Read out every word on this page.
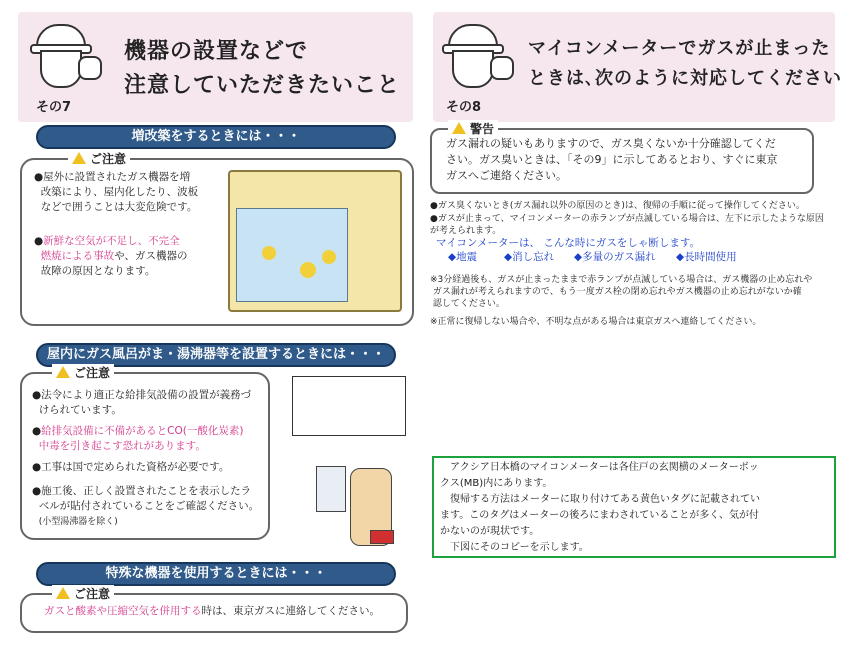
その7
機器の設置などで
注意していただきたいこと
その8
マイコンメーターでガスが止まった
ときは､次のように対応してください
増改築をするときには・・・
ご注意
●屋外に設置されたガス機器を増
改築により、屋内化したり、波板
などで囲うことは大変危険です。
●新鮮な空気が不足し、不完全
燃焼による事故や、ガス機器の
故障の原因となります。
屋内にガス風呂がま・湯沸器等を設置するときには・・・
ご注意
●法令により適正な給排気設備の設置が義務づ
けられています。
●給排気設備に不備があるとCO(一酸化炭素)
中毒を引き起こす恐れがあります。
●工事は国で定められた資格が必要です。
●施工後、正しく設置されたことを表示したラ
ベルが貼付されていることをご確認ください。
(小型湯沸器を除く)
特殊な機器を使用するときには・・・
ご注意
ガスと酸素や圧縮空気を併用する時は、東京ガスに連絡してください。
警告
ガス漏れの疑いもありますので、ガス臭くないか十分確認してくだ
さい。ガス臭いときは、「その9」に示してあるとおり、すぐに東京
ガスへご連絡ください。
●ガス臭くないとき(ガス漏れ以外の原因のとき)は、復帰の手順に従って操作してください。
●ガスが止まって、マイコンメーターの赤ランプが点滅している場合は、左下に示したような原因が考えられます。
マイコンメーターは、 こんな時にガスをしゃ断します。
◆地震	◆消し忘れ ◆多量のガス漏れ ◆長時間使用
※3分経過後も、ガスが止まったままで赤ランプが点滅している場合は、ガス機器の止め忘れや
ガス漏れが考えられますので、もう一度ガス栓の閉め忘れやガス機器の止め忘れがないか確
認してください。
※正常に復帰しない場合や、不明な点がある場合は東京ガスへ連絡してください。
　アクシア日本橋のマイコンメーターは各住戸の玄関横のメーターボッ
クス(MB)内にあります。
　復帰する方法はメーターに取り付けてある黄色いタグに記載されてい
ます。このタグはメーターの後ろにまわされていることが多く、気が付
かないのが現状です。
　下図にそのコピーを示します。
